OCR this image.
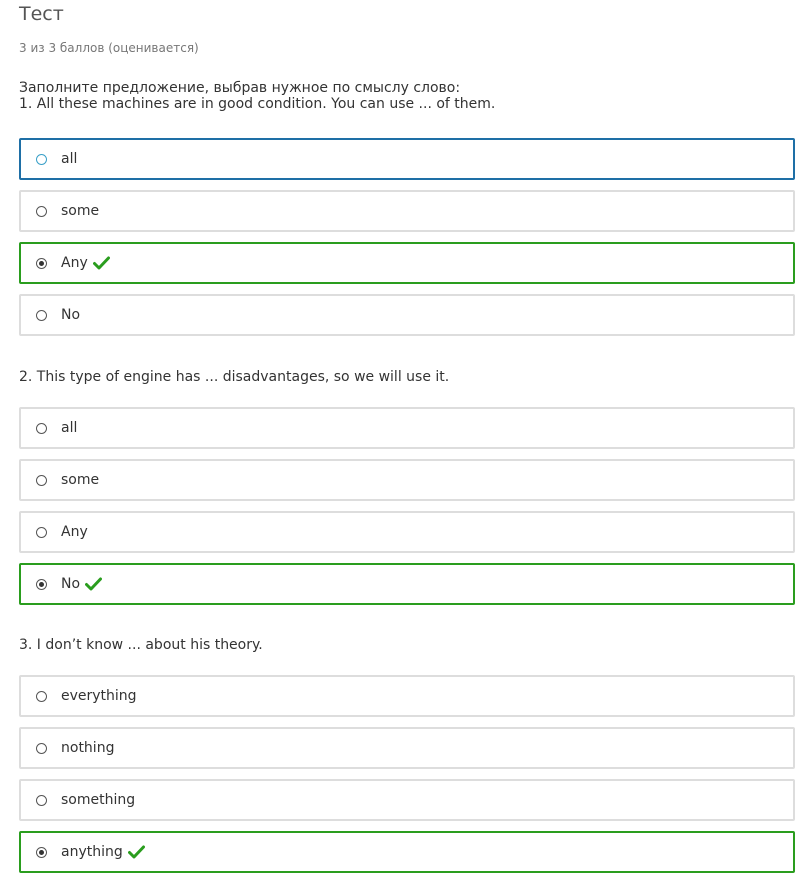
Тест
3 из 3 баллов (оценивается)
Заполните предложение, выбрав нужное по смыслу слово:
1. All these machines are in good condition. You can use ... of them.
all
some
Any
No
2. This type of engine has ... disadvantages, so we will use it.
all
some
Any
No
3. I don’t know ... about his theory.
everything
nothing
something
anything
